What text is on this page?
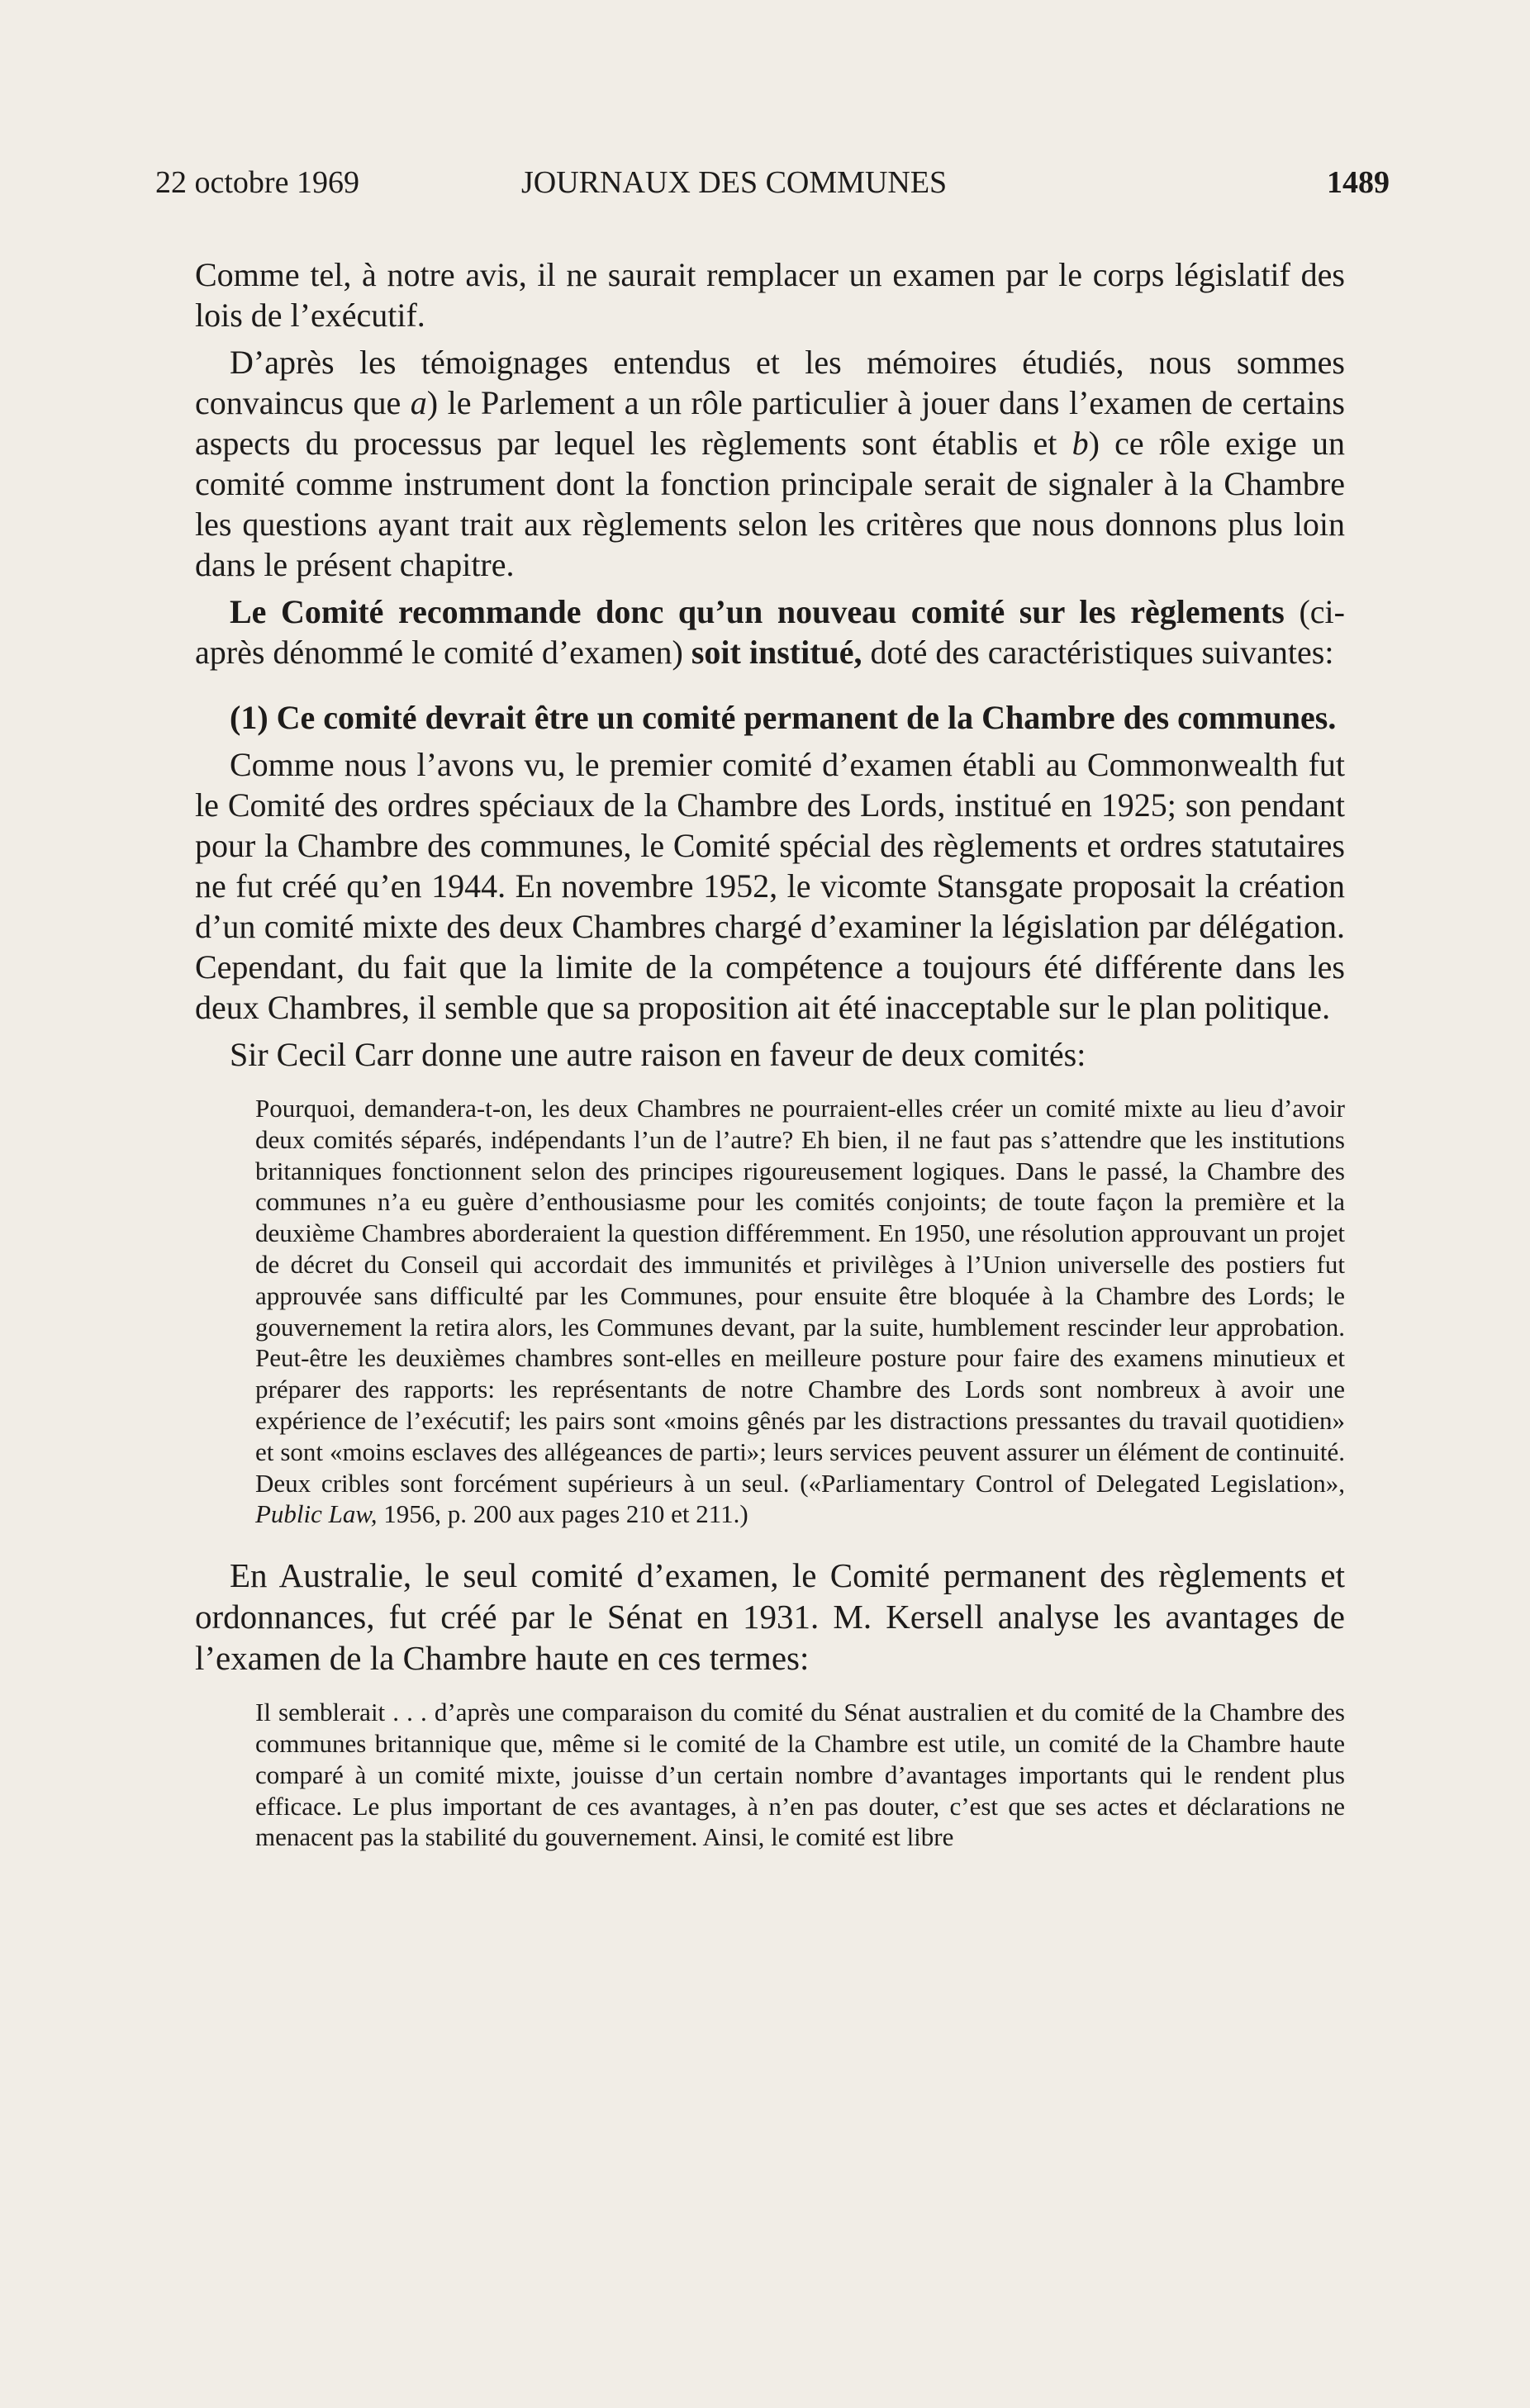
22 octobre 1969	JOURNAUX DES COMMUNES	1489

Comme tel, à notre avis, il ne saurait remplacer un examen par le corps législatif des lois de l’exécutif.

D’après les témoignages entendus et les mémoires étudiés, nous sommes convaincus que a) le Parlement a un rôle particulier à jouer dans l’examen de certains aspects du processus par lequel les règlements sont établis et b) ce rôle exige un comité comme instrument dont la fonction principale serait de signaler à la Chambre les questions ayant trait aux règlements selon les critères que nous donnons plus loin dans le présent chapitre.

Le Comité recommande donc qu’un nouveau comité sur les règlements (ci-après dénommé le comité d’examen) soit institué, doté des caractéristiques suivantes:

(1) Ce comité devrait être un comité permanent de la Chambre des communes.

Comme nous l’avons vu, le premier comité d’examen établi au Commonwealth fut le Comité des ordres spéciaux de la Chambre des Lords, institué en 1925; son pendant pour la Chambre des communes, le Comité spécial des règlements et ordres statutaires ne fut créé qu’en 1944. En novembre 1952, le vicomte Stansgate proposait la création d’un comité mixte des deux Chambres chargé d’examiner la législation par délégation. Cependant, du fait que la limite de la compétence a toujours été différente dans les deux Chambres, il semble que sa proposition ait été inacceptable sur le plan politique.

Sir Cecil Carr donne une autre raison en faveur de deux comités:

Pourquoi, demandera-t-on, les deux Chambres ne pourraient-elles créer un comité mixte au lieu d’avoir deux comités séparés, indépendants l’un de l’autre? Eh bien, il ne faut pas s’attendre que les institutions britanniques fonctionnent selon des principes rigoureusement logiques. Dans le passé, la Chambre des communes n’a eu guère d’enthousiasme pour les comités conjoints; de toute façon la première et la deuxième Chambres aborderaient la question différemment. En 1950, une résolution approuvant un projet de décret du Conseil qui accordait des immunités et privilèges à l’Union universelle des postiers fut approuvée sans difficulté par les Communes, pour ensuite être bloquée à la Chambre des Lords; le gouvernement la retira alors, les Communes devant, par la suite, humblement rescinder leur approbation. Peut-être les deuxièmes chambres sont-elles en meilleure posture pour faire des examens minutieux et préparer des rapports: les représentants de notre Chambre des Lords sont nombreux à avoir une expérience de l’exécutif; les pairs sont «moins gênés par les distractions pressantes du travail quotidien» et sont «moins esclaves des allégeances de parti»; leurs services peuvent assurer un élément de continuité. Deux cribles sont forcément supérieurs à un seul. («Parliamentary Control of Delegated Legislation», Public Law, 1956, p. 200 aux pages 210 et 211.)

En Australie, le seul comité d’examen, le Comité permanent des règlements et ordonnances, fut créé par le Sénat en 1931. M. Kersell analyse les avantages de l’examen de la Chambre haute en ces termes:

Il semblerait . . . d’après une comparaison du comité du Sénat australien et du comité de la Chambre des communes britannique que, même si le comité de la Chambre est utile, un comité de la Chambre haute comparé à un comité mixte, jouisse d’un certain nombre d’avantages importants qui le rendent plus efficace. Le plus important de ces avantages, à n’en pas douter, c’est que ses actes et déclarations ne menacent pas la stabilité du gouvernement. Ainsi, le comité est libre
